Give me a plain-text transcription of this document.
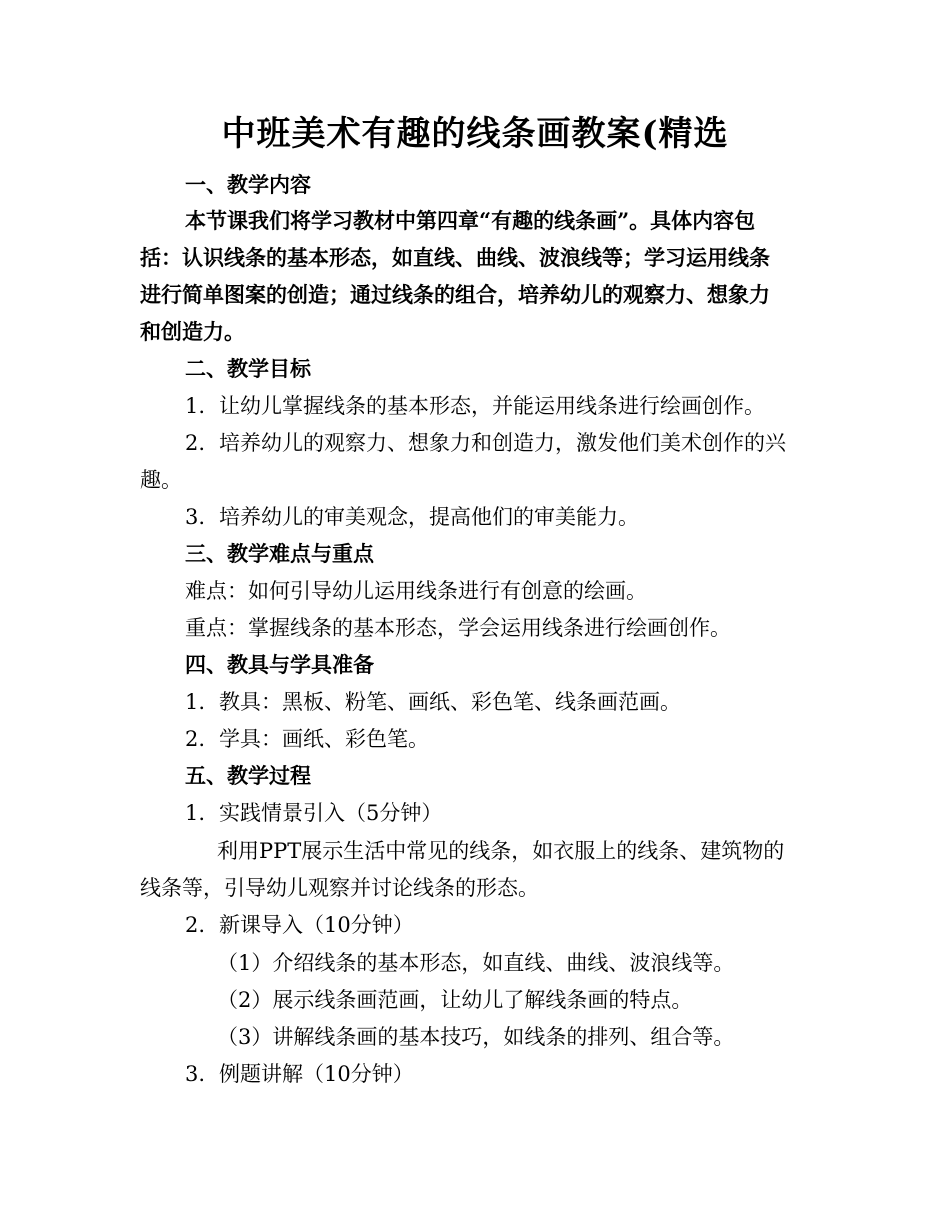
中班美术有趣的线条画教案(精选
一、教学内容
本节课我们将学习教材中第四章“有趣的线条画”。具体内容包
括：认识线条的基本形态，如直线、曲线、波浪线等；学习运用线条
进行简单图案的创造；通过线条的组合，培养幼儿的观察力、想象力
和创造力。
二、教学目标
1. 让幼儿掌握线条的基本形态，并能运用线条进行绘画创作。
2. 培养幼儿的观察力、想象力和创造力，激发他们美术创作的兴
趣。
3. 培养幼儿的审美观念，提高他们的审美能力。
三、教学难点与重点
难点：如何引导幼儿运用线条进行有创意的绘画。
重点：掌握线条的基本形态，学会运用线条进行绘画创作。
四、教具与学具准备
1. 教具：黑板、粉笔、画纸、彩色笔、线条画范画。
2. 学具：画纸、彩色笔。
五、教学过程
1. 实践情景引入（5分钟）
利用PPT展示生活中常见的线条，如衣服上的线条、建筑物的
线条等，引导幼儿观察并讨论线条的形态。
2. 新课导入（10分钟）
（1）介绍线条的基本形态，如直线、曲线、波浪线等。
（2）展示线条画范画，让幼儿了解线条画的特点。
（3）讲解线条画的基本技巧，如线条的排列、组合等。
3. 例题讲解（10分钟）
